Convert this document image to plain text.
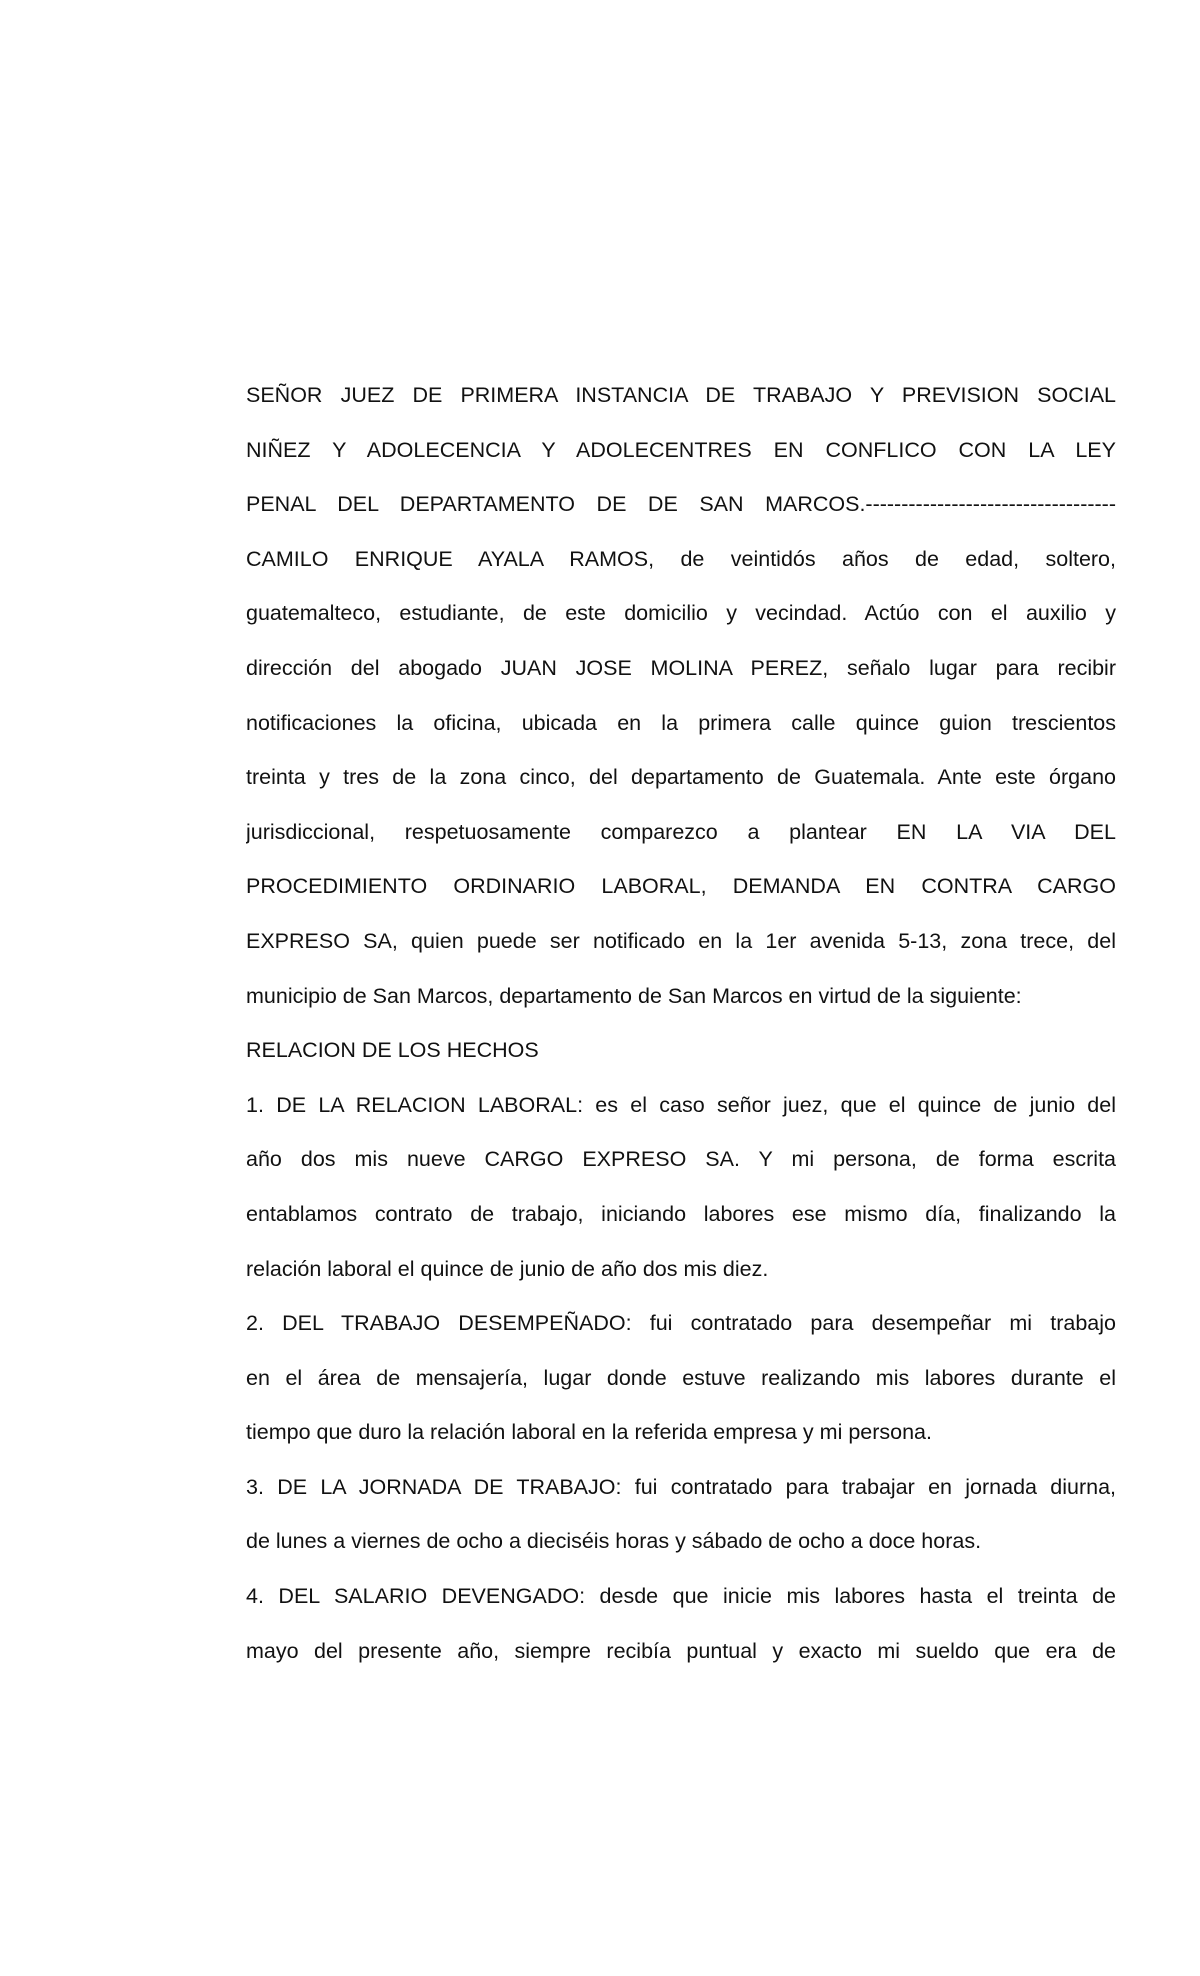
SEÑOR JUEZ DE PRIMERA INSTANCIA DE TRABAJO Y PREVISION SOCIAL
NIÑEZ Y ADOLECENCIA Y ADOLECENTRES EN CONFLICO CON LA LEY
PENAL DEL DEPARTAMENTO DE DE SAN MARCOS.-----------------------------------
CAMILO ENRIQUE AYALA RAMOS, de veintidós años de edad, soltero,
guatemalteco, estudiante, de este domicilio y vecindad. Actúo con el auxilio y
dirección del abogado JUAN JOSE MOLINA PEREZ, señalo lugar para recibir
notificaciones la oficina, ubicada en la primera calle quince guion trescientos
treinta y tres de la zona cinco, del departamento de Guatemala. Ante este órgano
jurisdiccional, respetuosamente comparezco a plantear EN LA VIA DEL
PROCEDIMIENTO ORDINARIO LABORAL, DEMANDA EN CONTRA CARGO
EXPRESO SA, quien puede ser notificado en la 1er avenida 5-13, zona trece, del
municipio de San Marcos, departamento de San Marcos en virtud de la siguiente:
RELACION DE LOS HECHOS
1. DE LA RELACION LABORAL: es el caso señor juez, que el quince de junio del
año dos mis nueve CARGO EXPRESO SA. Y mi persona, de forma escrita
entablamos contrato de trabajo, iniciando labores ese mismo día, finalizando la
relación laboral el quince de junio de año dos mis diez.
2. DEL TRABAJO DESEMPEÑADO: fui contratado para desempeñar mi trabajo
en el área de mensajería, lugar donde estuve realizando mis labores durante el
tiempo que duro la relación laboral en la referida empresa y mi persona.
3. DE LA JORNADA DE TRABAJO: fui contratado para trabajar en jornada diurna,
de lunes a viernes de ocho a dieciséis horas y sábado de ocho a doce horas.
4. DEL SALARIO DEVENGADO: desde que inicie mis labores hasta el treinta de
mayo del presente año, siempre recibía puntual y exacto mi sueldo que era de
